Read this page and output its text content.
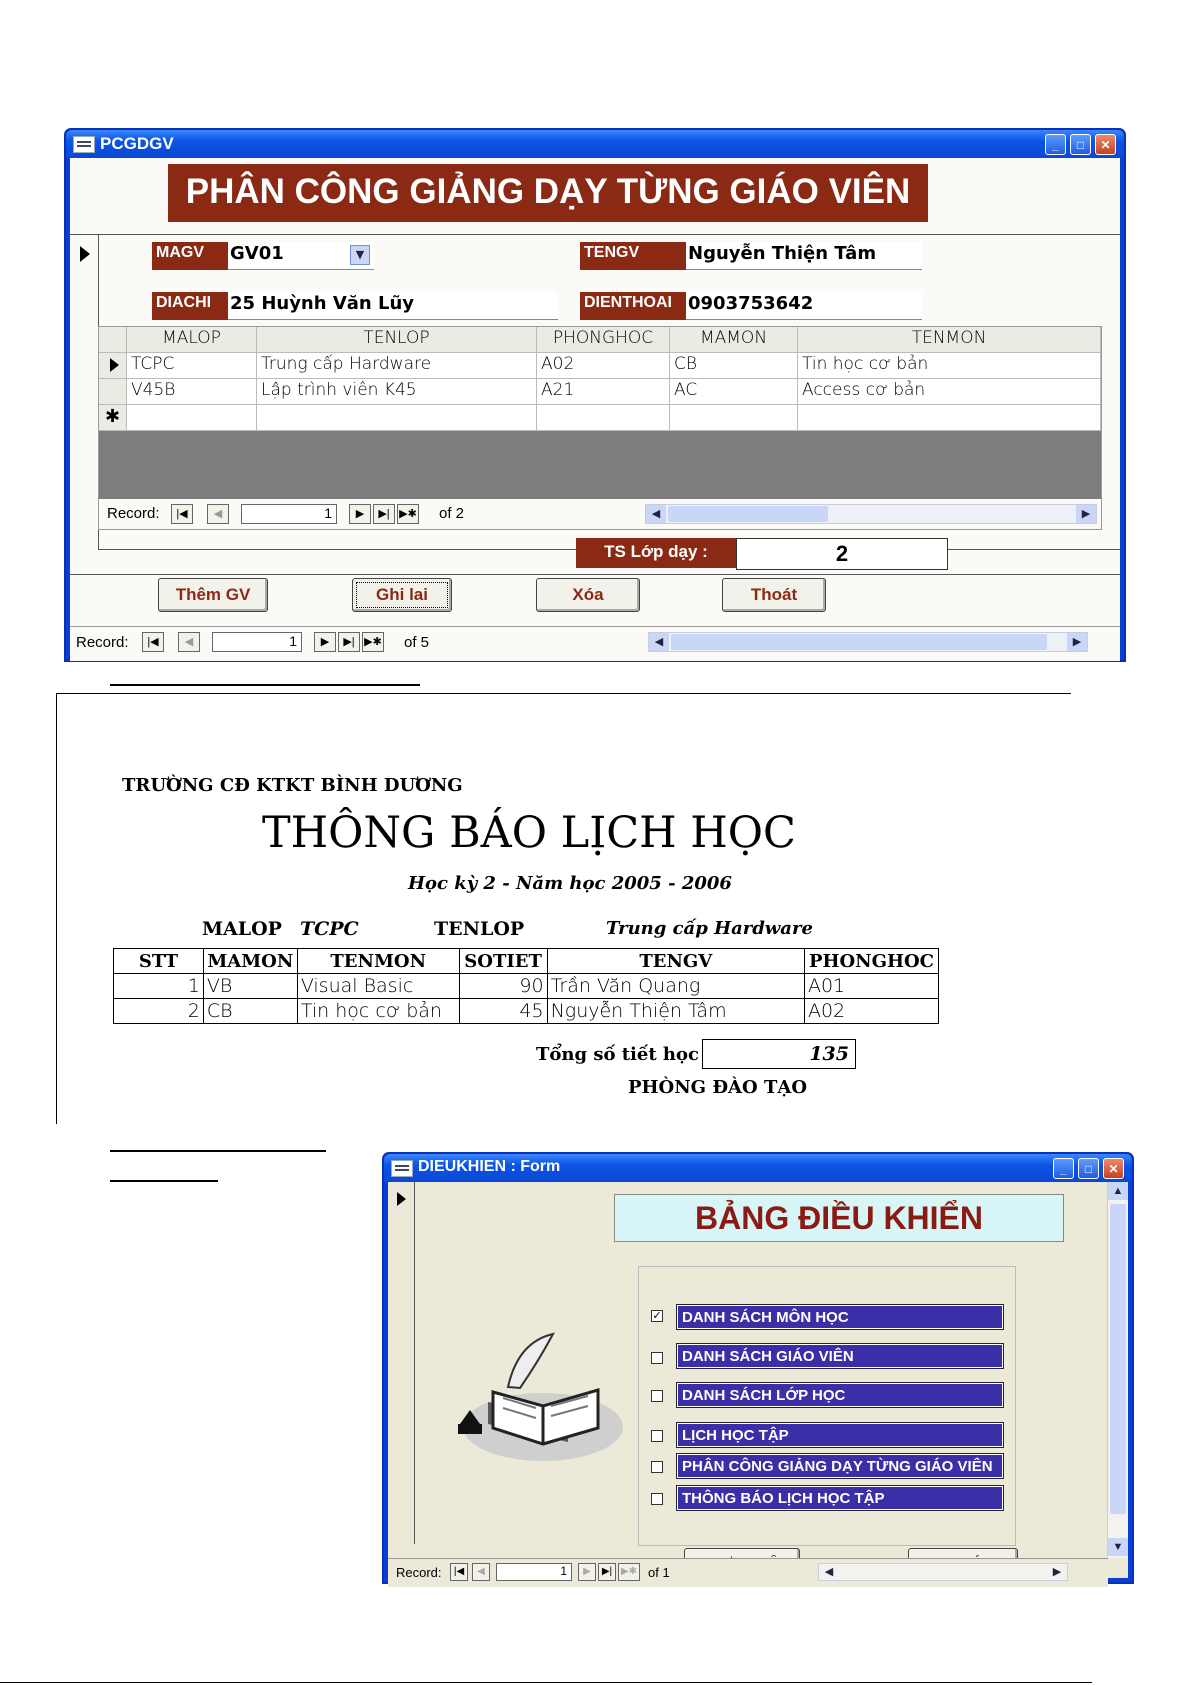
PCGDGV	_	□	✕
PHÂN CÔNG GIẢNG DẠY TỪNG GIÁO VIÊN
MAGV	GV01	▼	TENGV	Nguyễn Thiện Tâm
DIACHI	25 Huỳnh Văn Lũy	DIENTHOAI 0903753642
MALOP	TENLOP	PHONGHOC	MAMON	TENMON
TCPC	Trung cấp Hardware	A02	CB	Tin học cơ bản
V45B	Lập trình viên K45	A21	AC	Access cơ bản
✱
Record:	|◀	◀	1	▶	▶| ▶✱ of 2	◀	▶
TS Lớp dạy :	2
Thêm GV	Ghi lai	Xóa	Thoát
Record:	|◀	◀	1	▶	▶| ▶✱ of 5	◀	▶
TRƯỜNG CĐ KTKT BÌNH DƯƠNG
THÔNG BÁO LỊCH HỌC
Học kỳ 2 - Năm học 2005 - 2006
MALOP TCPC	TENLOP	Trung cấp Hardware
STT	MAMON	TENMON	SOTIET	TENGV	PHONGHOC
1	VB	Visual Basic	90	Trần Văn Quang	A01
2	CB	Tin học cơ bản	45	Nguyễn Thiện Tâm	A02
Tổng số tiết học	135
PHÒNG ĐÀO TẠO
DIEUKHIEN : Form	_	□	✕
BẢNG ĐIỀU KHIỂN
✓	DANH SÁCH MÔN HỌC
DANH SÁCH GIÁO VIÊN
DANH SÁCH LỚP HỌC
LỊCH HỌC TẬP
PHÂN CÔNG GIẢNG DẠY TỪNG GIÁO VIÊN
THÔNG BÁO LỊCH HỌC TẬP
▲
▼
Record:	|◀	◀	1	▶	▶| ▶✱ of 1	◀	▶
